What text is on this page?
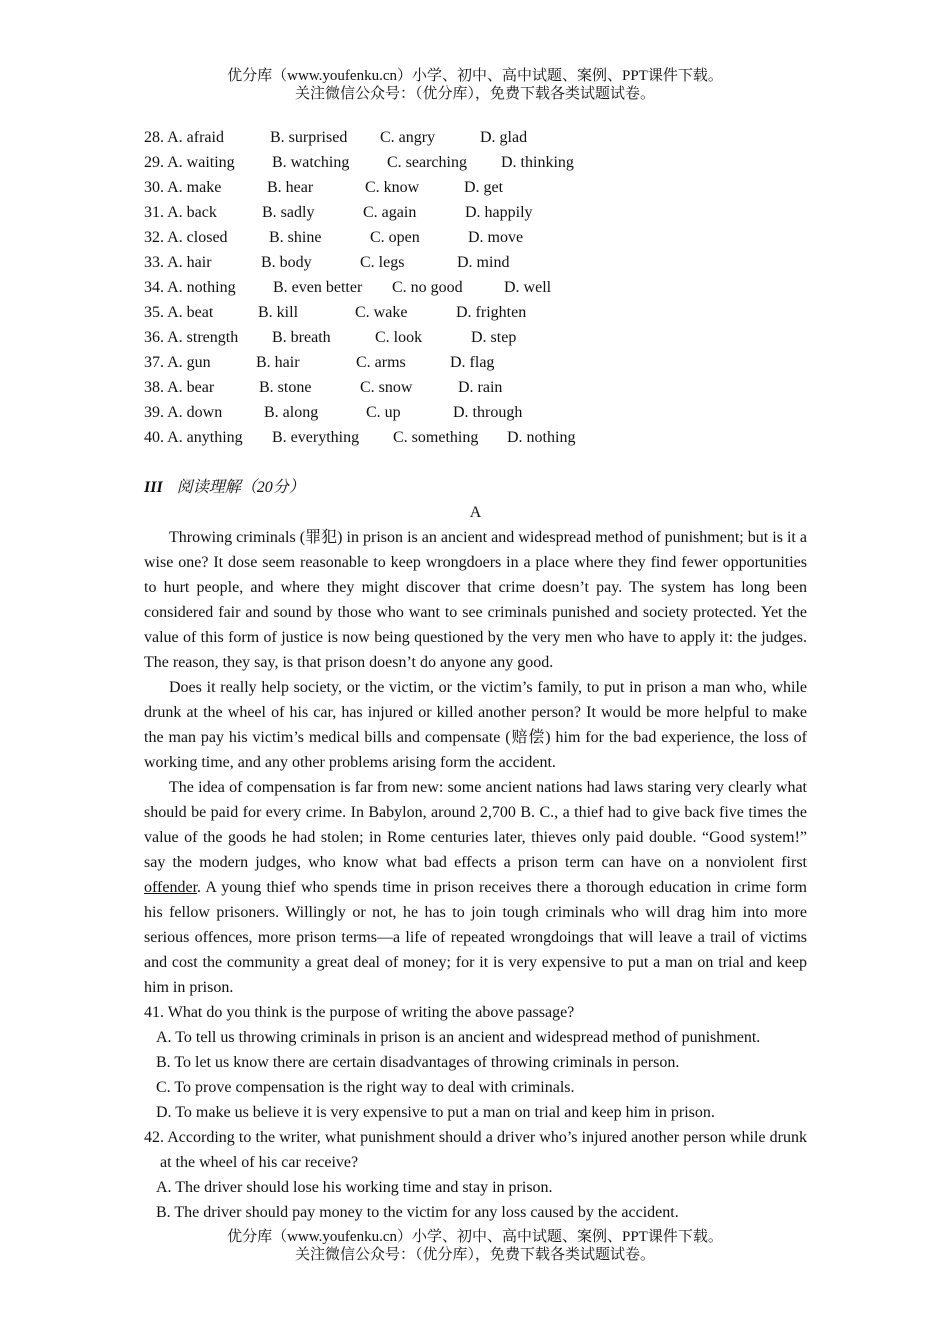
优分库（www.youfenku.cn）小学、初中、高中试题、案例、PPT课件下载。
关注微信公众号：（优分库），免费下载各类试题试卷。
28. A. afraid	B. surprised C. angry	D. glad
29. A. waiting B. watching C. searching D. thinking
30. A. make	B. hear	C. know	D. get
31. A. back	B. sadly	C. again	D. happily
32. A. closed	B. shine	C. open	D. move
33. A. hair	B. body	C. legs	D. mind
34. A. nothing B. even better C. no good	D. well
35. A. beat	B. kill	C. wake	D. frighten
36. A. strength B. breath	C. look	D. step
37. A. gun	B. hair	C. arms	D. flag
38. A. bear	B. stone	C. snow	D. rain
39. A. down	B. along	C. up	D. through
40. A. anything B. everything C. something D. nothing
III 阅读理解（20分）
A

Throwing criminals (罪犯) in prison is an ancient and widespread method of punishment; but is it a wise one? It dose seem reasonable to keep wrongdoers in a place where they find fewer opportunities to hurt people, and where they might discover that crime doesn’t pay. The system has long been considered fair and sound by those who want to see criminals punished and society protected. Yet the value of this form of justice is now being questioned by the very men who have to apply it: the judges. The reason, they say, is that prison doesn’t do anyone any good.

Does it really help society, or the victim, or the victim’s family, to put in prison a man who, while drunk at the wheel of his car, has injured or killed another person? It would be more helpful to make the man pay his victim’s medical bills and compensate (赔偿) him for the bad experience, the loss of working time, and any other problems arising form the accident.

The idea of compensation is far from new: some ancient nations had laws staring very clearly what should be paid for every crime. In Babylon, around 2,700 B. C., a thief had to give back five times the value of the goods he had stolen; in Rome centuries later, thieves only paid double. “Good system!” say the modern judges, who know what bad effects a prison term can have on a nonviolent first offender. A young thief who spends time in prison receives there a thorough education in crime form his fellow prisoners. Willingly or not, he has to join tough criminals who will drag him into more serious offences, more prison terms—a life of repeated wrongdoings that will leave a trail of victims and cost the community a great deal of money; for it is very expensive to put a man on trial and keep him in prison.

41. What do you think is the purpose of writing the above passage?

A. To tell us throwing criminals in prison is an ancient and widespread method of punishment.

B. To let us know there are certain disadvantages of throwing criminals in person.

C. To prove compensation is the right way to deal with criminals.

D. To make us believe it is very expensive to put a man on trial and keep him in prison.

42. According to the writer, what punishment should a driver who’s injured another person while drunk at the wheel of his car receive?

A. The driver should lose his working time and stay in prison.

B. The driver should pay money to the victim for any loss caused by the accident.

优分库（www.youfenku.cn）小学、初中、高中试题、案例、PPT课件下载。
关注微信公众号：（优分库），免费下载各类试题试卷。
